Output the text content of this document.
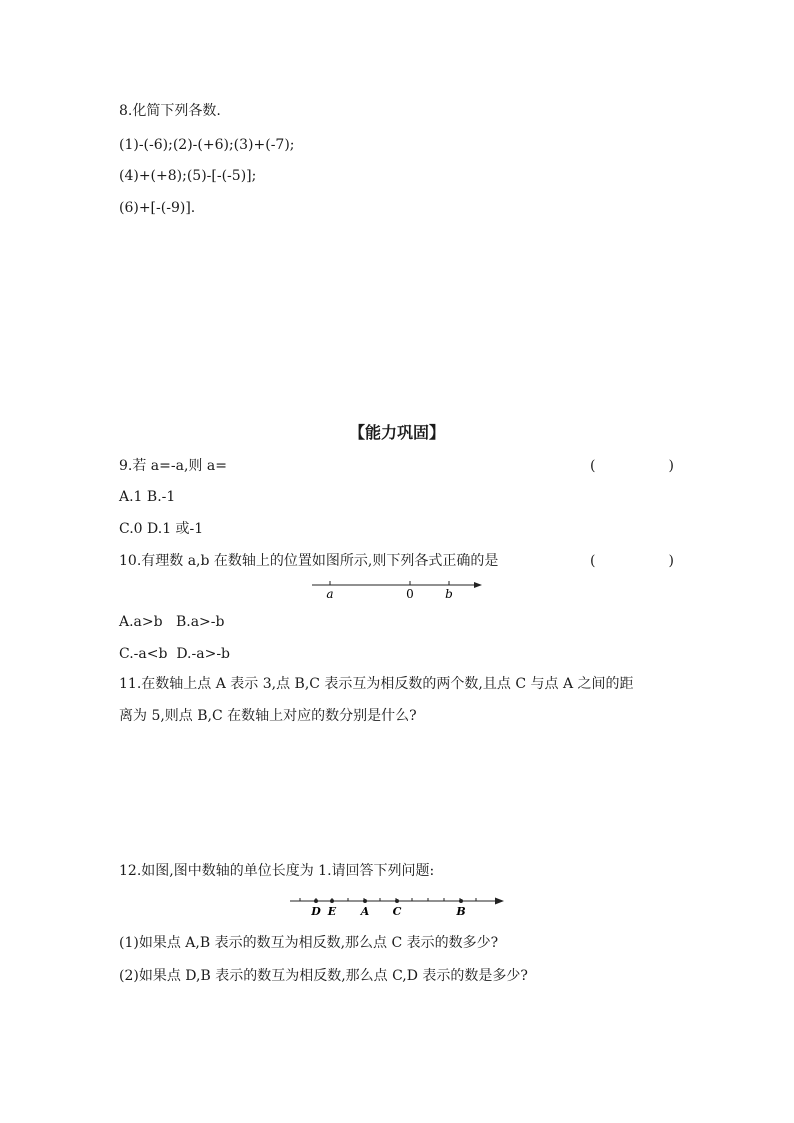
8.化简下列各数.

(1)-(-6);(2)-(+6);(3)+(-7);

(4)+(+8);(5)-[-(-5)];

(6)+[-(-9)].

【能力巩固】

9.若 a=-a,则 a=	(	)

A.1 B.-1

C.0 D.1 或-1

10.有理数 a,b 在数轴上的位置如图所示,则下列各式正确的是	(	)
a	0	b

A.a>b   B.a>-b

C.-a<b  D.-a>-b

11.在数轴上点 A 表示 3,点 B,C 表示互为相反数的两个数,且点 C 与点 A 之间的距

离为 5,则点 B,C 在数轴上对应的数分别是什么?

12.如图,图中数轴的单位长度为 1.请回答下列问题:

D E A C	B

(1)如果点 A,B 表示的数互为相反数,那么点 C 表示的数多少?

(2)如果点 D,B 表示的数互为相反数,那么点 C,D 表示的数是多少?
